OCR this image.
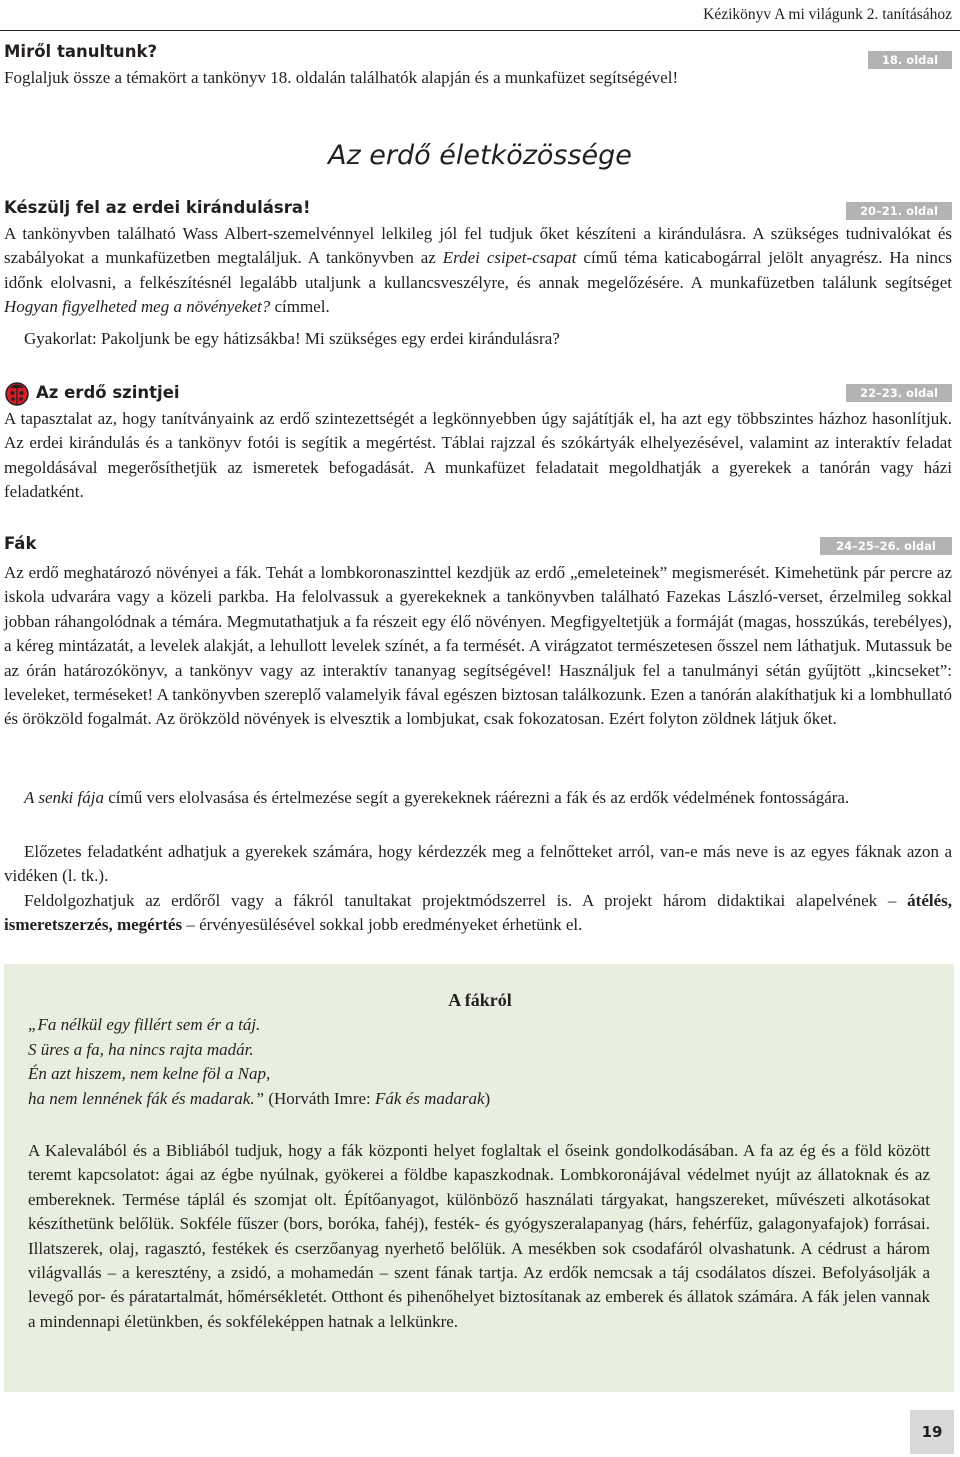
Kézikönyv A mi világunk 2. tanításához
Miről tanultunk?	18. oldal

Foglaljuk össze a témakört a tankönyv 18. oldalán találhatók alapján és a munkafüzet segítségével!

Az erdő életközössége
Készülj fel az erdei kirándulásra!	20–21. oldal

A tankönyvben található Wass Albert-szemelvénnyel lelkileg jól fel tudjuk őket készíteni a kirándulásra. A szükséges tudnivalókat és szabályokat a munkafüzetben megtaláljuk. A tankönyvben az Erdei csipet-csapat című téma katicabogárral jelölt anyagrész. Ha nincs időnk elolvasni, a felkészítésnél legalább utaljunk a kullancsveszélyre, és annak megelőzésére. A munkafüzetben találunk segítséget Hogyan figyelheted meg a növényeket? címmel.

Gyakorlat: Pakoljunk be egy hátizsákba! Mi szükséges egy erdei kirándulásra?

Az erdő szintjei	22–23. oldal

A tapasztalat az, hogy tanítványaink az erdő szintezettségét a legkönnyebben úgy sajátítják el, ha azt egy többszintes házhoz hasonlítjuk. Az erdei kirándulás és a tankönyv fotói is segítik a megértést. Táblai rajzzal és szókártyák elhelyezésével, valamint az interaktív feladat megoldásával megerősíthetjük az ismeretek befogadását. A munkafüzet feladatait megoldhatják a gyerekek a tanórán vagy házi feladatként.

Fák	24–25–26. oldal

Az erdő meghatározó növényei a fák. Tehát a lombkoronaszinttel kezdjük az erdő „emeleteinek” megismerését. Kimehetünk pár percre az iskola udvarára vagy a közeli parkba. Ha felolvassuk a gyerekeknek a tankönyvben található Fazekas László-verset, érzelmileg sokkal jobban ráhangolódnak a témára. Megmutathatjuk a fa részeit egy élő növényen. Megfigyeltetjük a formáját (magas, hosszúkás, terebélyes), a kéreg mintázatát, a levelek alakját, a lehullott levelek színét, a fa termését. A virágzatot természetesen ősszel nem láthatjuk. Mutassuk be az órán határozókönyv, a tankönyv vagy az interaktív tananyag segítségével! Használjuk fel a tanulmányi sétán gyűjtött „kincseket”: leveleket, terméseket! A tankönyvben szereplő valamelyik fával egészen biztosan találkozunk. Ezen a tanórán alakíthatjuk ki a lombhullató és örökzöld fogalmát. Az örökzöld növények is elvesztik a lombjukat, csak fokozatosan. Ezért folyton zöldnek látjuk őket.

A senki fája című vers elolvasása és értelmezése segít a gyerekeknek ráérezni a fák és az erdők védelmének fontosságára.

Előzetes feladatként adhatjuk a gyerekek számára, hogy kérdezzék meg a felnőtteket arról, van-e más neve is az egyes fáknak azon a vidéken (l. tk.).

Feldolgozhatjuk az erdőről vagy a fákról tanultakat projektmódszerrel is. A projekt három didaktikai alapelvének – átélés, ismeretszerzés, megértés – érvényesülésével sokkal jobb eredményeket érhetünk el.

A fákról
„Fa nélkül egy fillért sem ér a táj.
S üres a fa, ha nincs rajta madár.
Én azt hiszem, nem kelne föl a Nap,
ha nem lennének fák és madarak.” (Horváth Imre: Fák és madarak)

A Kalevalából és a Bibliából tudjuk, hogy a fák központi helyet foglaltak el őseink gondolkodásában. A fa az ég és a föld között teremt kapcsolatot: ágai az égbe nyúlnak, gyökerei a földbe kapaszkodnak. Lombkoronájával védelmet nyújt az állatoknak és az embereknek. Termése táplál és szomjat olt. Építőanyagot, különböző használati tárgyakat, hangszereket, művészeti alkotásokat készíthetünk belőlük. Sokféle fűszer (bors, boróka, fahéj), festék- és gyógyszeralapanyag (hárs, fehérfűz, galagonyafajok) forrásai. Illatszerek, olaj, ragasztó, festékek és cserzőanyag nyerhető belőlük. A mesékben sok csodafáról olvashatunk. A cédrust a három világvallás – a keresztény, a zsidó, a mohamedán – szent fának tartja. Az erdők nemcsak a táj csodálatos díszei. Befolyásolják a levegő por- és páratartalmát, hőmérsékletét. Otthont és pihenőhelyet biztosítanak az emberek és állatok számára. A fák jelen vannak a mindennapi életünkben, és sokféleképpen hatnak a lelkünkre.

19
